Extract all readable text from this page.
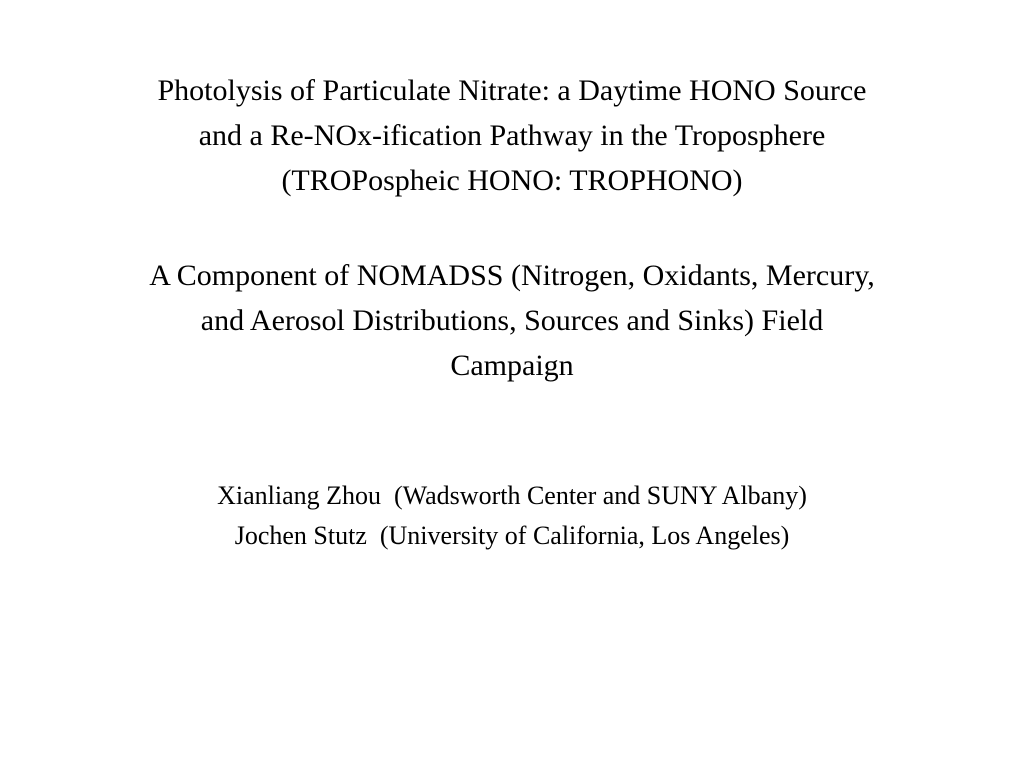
Photolysis of Particulate Nitrate: a Daytime HONO Source
and a Re-NOx-ification Pathway in the Troposphere
(TROPospheic HONO: TROPHONO)
A Component of NOMADSS (Nitrogen, Oxidants, Mercury,
and Aerosol Distributions, Sources and Sinks) Field
Campaign
Xianliang Zhou  (Wadsworth Center and SUNY Albany)
Jochen Stutz  (University of California, Los Angeles)
